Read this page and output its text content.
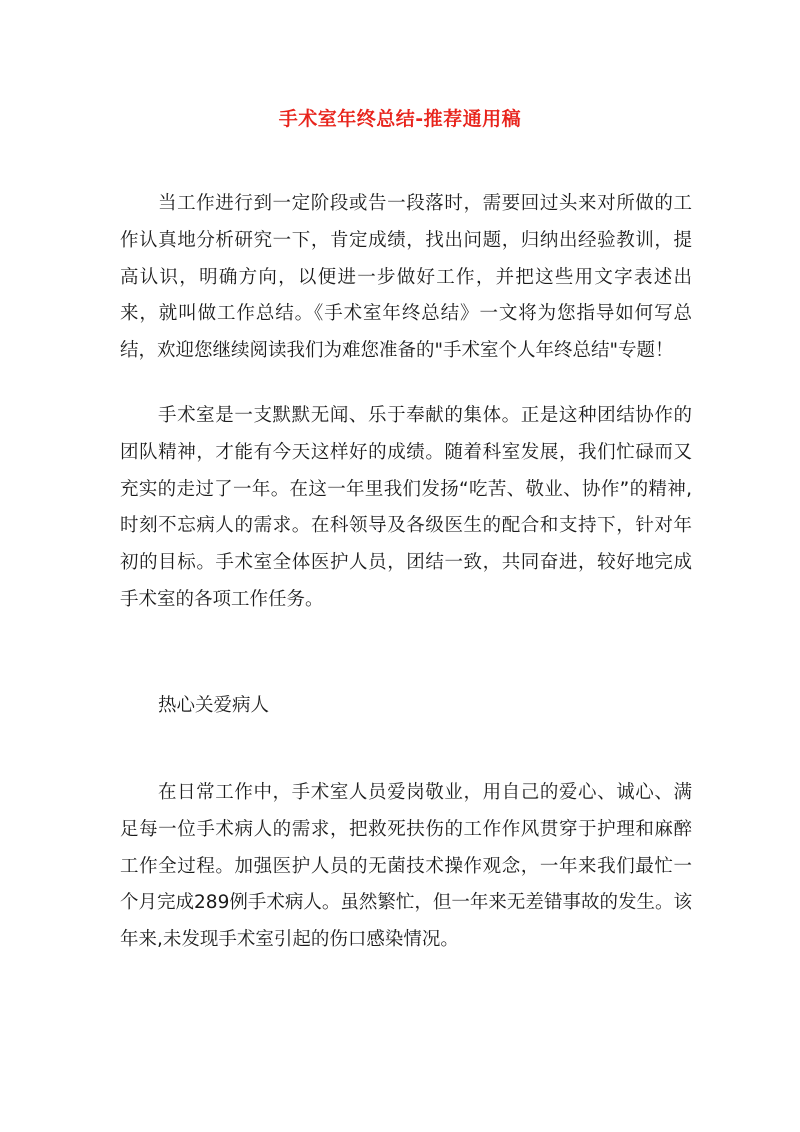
手术室年终总结-推荐通用稿

当工作进行到一定阶段或告一段落时，需要回过头来对所做的工作认真地分析研究一下，肯定成绩，找出问题，归纳出经验教训，提高认识，明确方向，以便进一步做好工作，并把这些用文字表述出来，就叫做工作总结。《手术室年终总结》一文将为您指导如何写总结，欢迎您继续阅读我们为难您准备的"手术室个人年终总结"专题！

手术室是一支默默无闻、乐于奉献的集体。正是这种团结协作的团队精神，才能有今天这样好的成绩。随着科室发展，我们忙碌而又充实的走过了一年。在这一年里我们发扬“吃苦、敬业、协作”的精神,时刻不忘病人的需求。在科领导及各级医生的配合和支持下，针对年初的目标。手术室全体医护人员，团结一致，共同奋进，较好地完成手术室的各项工作任务。

热心关爱病人

在日常工作中，手术室人员爱岗敬业，用自己的爱心、诚心、满足每一位手术病人的需求，把救死扶伤的工作作风贯穿于护理和麻醉工作全过程。加强医护人员的无菌技术操作观念，一年来我们最忙一个月完成289例手术病人。虽然繁忙，但一年来无差错事故的发生。该年来,未发现手术室引起的伤口感染情况。
